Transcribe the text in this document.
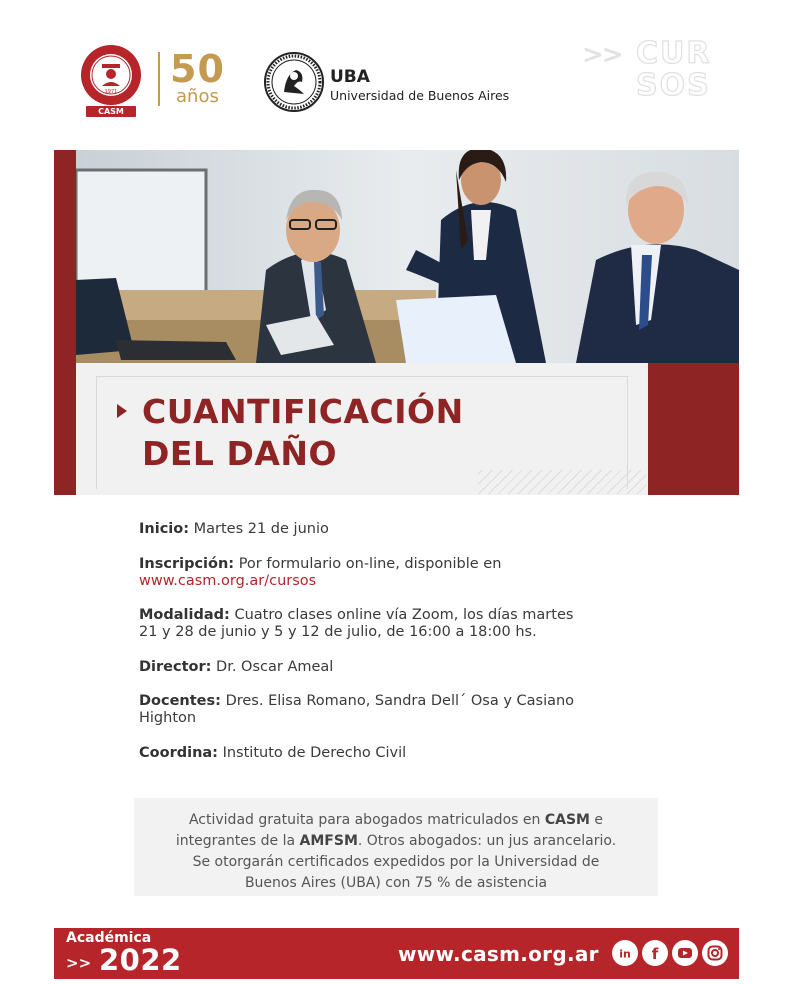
1971
CASM
50
años
UBA
Universidad de Buenos Aires
>> CUR
SOS
CUANTIFICACIÓN
DEL DAÑO
Inicio: Martes 21 de junio
Inscripción: Por formulario on-line, disponible en
www.casm.org.ar/cursos
Modalidad: Cuatro clases online vía Zoom, los días martes
21 y 28 de junio y 5 y 12 de julio, de 16:00 a 18:00 hs.
Director: Dr. Oscar Ameal
Docentes: Dres. Elisa Romano, Sandra Dell´ Osa y Casiano
Highton
Coordina: Instituto de Derecho Civil
Actividad gratuita para abogados matriculados en CASM e
integrantes de la AMFSM. Otros abogados: un jus arancelario.
Se otorgarán certificados expedidos por la Universidad de
Buenos Aires (UBA) con 75 % de asistencia
Académica
>> 2022	www.casm.org.ar in f
